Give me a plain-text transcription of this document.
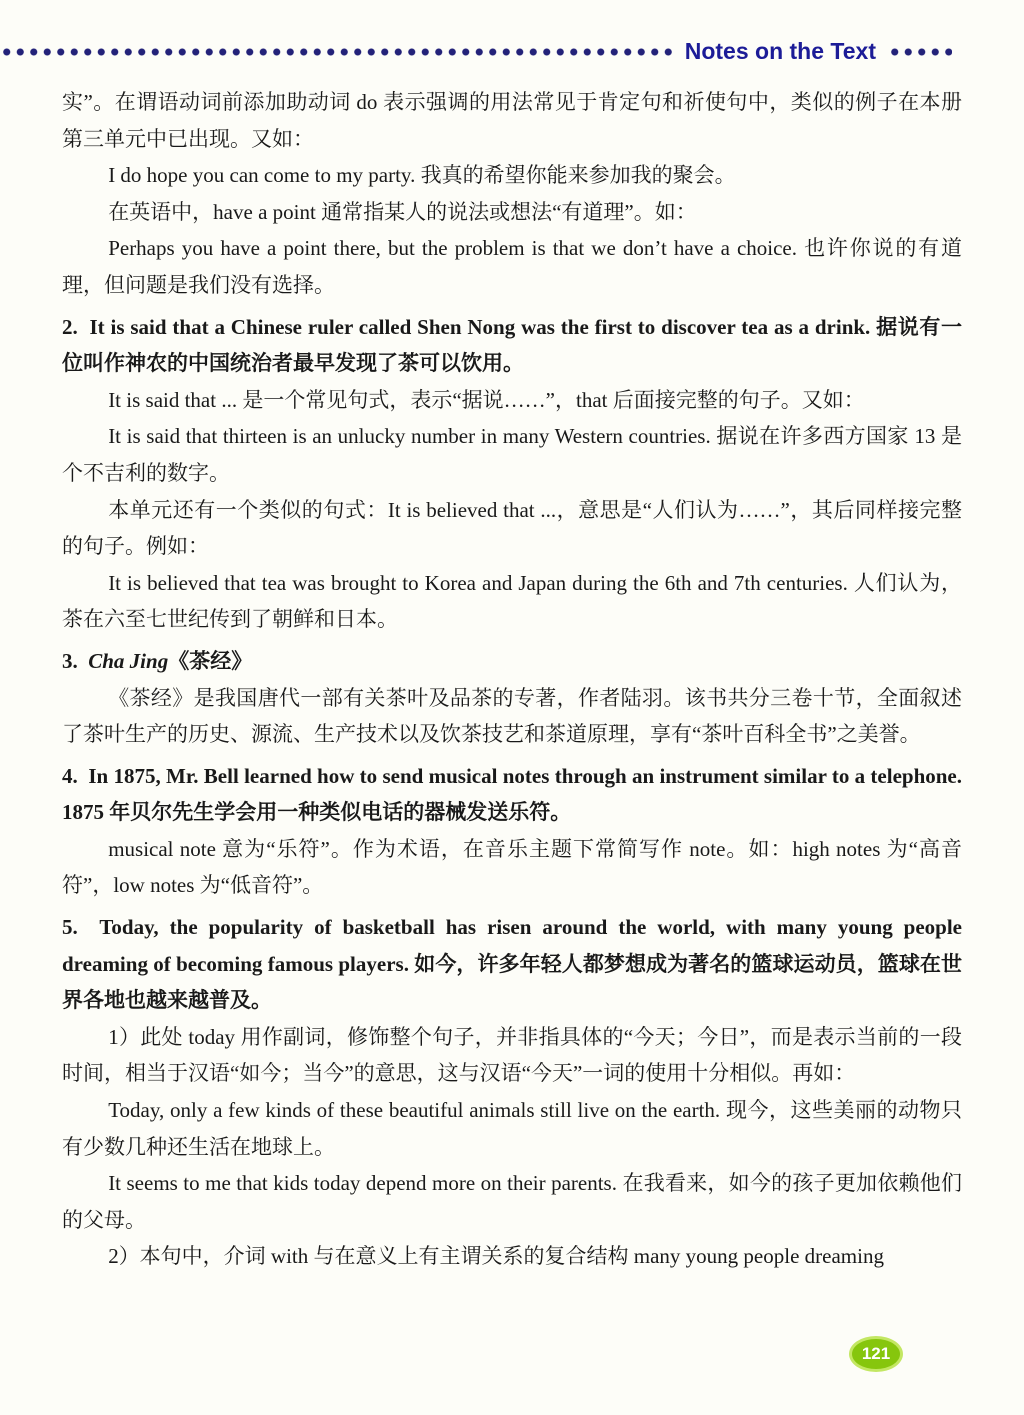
Notes on the Text

实”。在谓语动词前添加助动词 do 表示强调的用法常见于肯定句和祈使句中，类似的例子在本册第三单元中已出现。又如：

I do hope you can come to my party. 我真的希望你能来参加我的聚会。

在英语中，have a point 通常指某人的说法或想法“有道理”。如：

Perhaps you have a point there, but the problem is that we don’t have a choice. 也许你说的有道理，但问题是我们没有选择。

2.  It is said that a Chinese ruler called Shen Nong was the first to discover tea as a drink. 据说有一位叫作神农的中国统治者最早发现了茶可以饮用。

It is said that ... 是一个常见句式，表示“据说……”，that 后面接完整的句子。又如：

It is said that thirteen is an unlucky number in many Western countries. 据说在许多西方国家 13 是个不吉利的数字。

本单元还有一个类似的句式：It is believed that ...，意思是“人们认为……”，其后同样接完整的句子。例如：

It is believed that tea was brought to Korea and Japan during the 6th and 7th centuries. 人们认为，茶在六至七世纪传到了朝鲜和日本。

3.  Cha Jing《茶经》

《茶经》是我国唐代一部有关茶叶及品茶的专著，作者陆羽。该书共分三卷十节，全面叙述了茶叶生产的历史、源流、生产技术以及饮茶技艺和茶道原理，享有“茶叶百科全书”之美誉。

4.  In 1875, Mr. Bell learned how to send musical notes through an instrument similar to a telephone. 1875 年贝尔先生学会用一种类似电话的器械发送乐符。

musical note 意为“乐符”。作为术语，在音乐主题下常简写作 note。如：high notes 为“高音符”，low notes 为“低音符”。

5.  Today, the popularity of basketball has risen around the world, with many young people dreaming of becoming famous players. 如今，许多年轻人都梦想成为著名的篮球运动员，篮球在世界各地也越来越普及。

1）此处 today 用作副词，修饰整个句子，并非指具体的“今天；今日”，而是表示当前的一段时间，相当于汉语“如今；当今”的意思，这与汉语“今天”一词的使用十分相似。再如：

Today, only a few kinds of these beautiful animals still live on the earth. 现今，这些美丽的动物只有少数几种还生活在地球上。

It seems to me that kids today depend more on their parents. 在我看来，如今的孩子更加依赖他们的父母。

2）本句中，介词 with 与在意义上有主谓关系的复合结构 many young people dreaming

121
